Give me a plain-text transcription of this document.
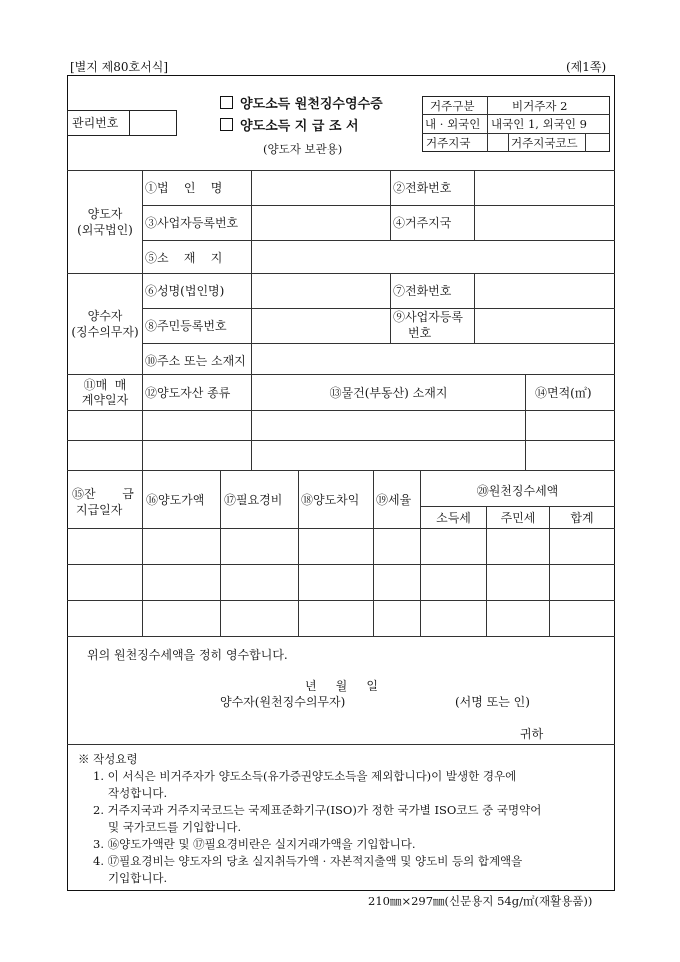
[별지 제80호서식]	(제1쪽)
관리번호
양도소득 원천징수영수증
양도소득 지 급 조 서
(양도자 보관용)
거주구분	비거주자 2
내 · 외국인 내국인 1, 외국인 9
거주지국	거주지국코드
양도자
(외국법인)
①법    인    명	②전화번호
③사업자등록번호	④거주지국
⑤소    재    지
양수자
(징수의무자)
⑥성명(법인명)	⑦전화번호
⑧주민등록번호
⑨사업자등록
번호
⑩주소 또는 소재지
⑪매  매
계약일자	⑫양도자산 종류	⑬물건(부동산) 소재지	⑭면적(㎡)
⑮잔       금
지급일자
⑯양도가액 ⑰필요경비 ⑱양도차익 ⑲세율
⑳원천징수세액
소득세	주민세	합계
위의 원천징수세액을 정히 영수합니다.
년     월     일
양수자(원천징수의무자)	(서명 또는 인)
귀하
※ 작성요령
1. 이 서식은 비거주자가 양도소득(유가증권양도소득을 제외합니다)이 발생한 경우에
작성합니다.
2. 거주지국과 거주지국코드는 국제표준화기구(ISO)가 정한 국가별 ISO코드 중 국명약어
및 국가코드를 기입합니다.
3. ⑯양도가액란 및 ⑰필요경비란은 실지거래가액을 기입합니다.
4. ⑰필요경비는 양도자의 당초 실지취득가액 · 자본적지출액 및 양도비 등의 합계액을
기입합니다.
210㎜×297㎜(신문용지 54g/㎡(재활용품))
